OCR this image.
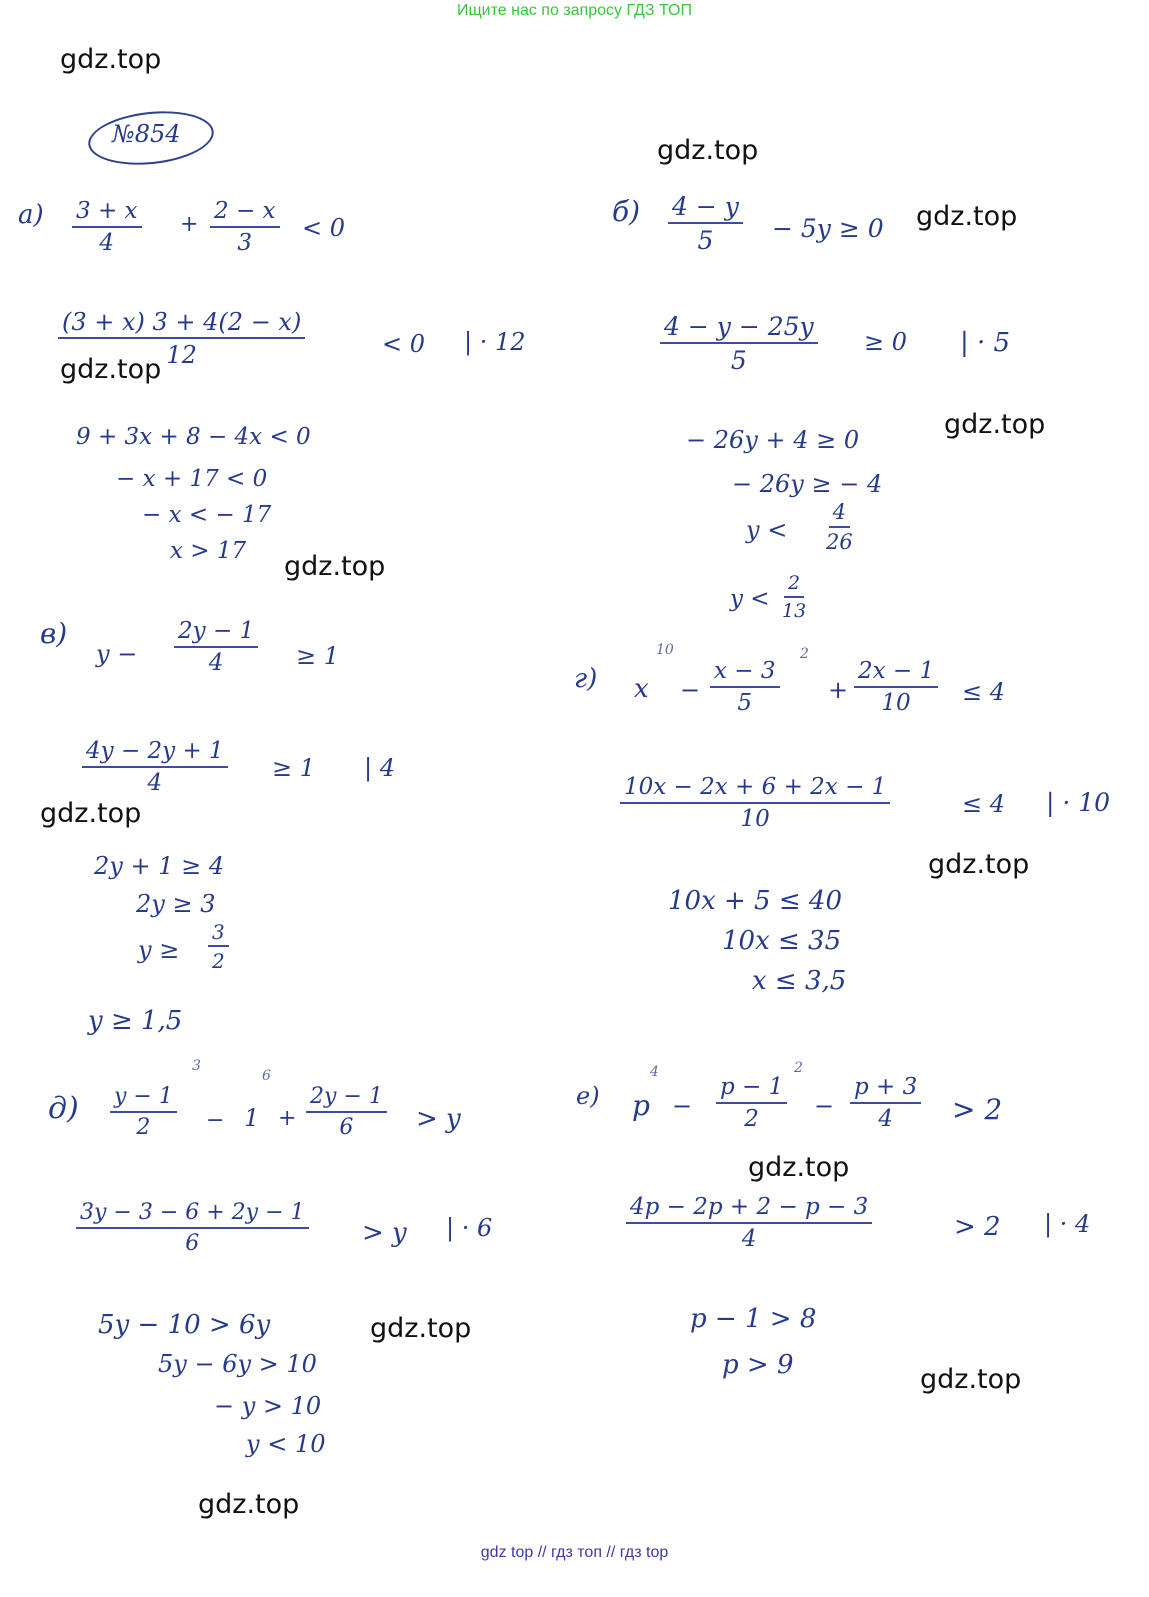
Ищите нас по запросу ГДЗ ТОП
gdz.top
gdz.top
gdz.top
gdz.top
gdz.top
gdz.top
gdz.top
gdz.top
gdz.top
gdz.top
gdz.top
gdz.top
№854
$а) \frac{3 + x}{4} + \frac{2 - x}{3} < 0$
$\frac{(3 + x) 3 + 4(2 - x)}{12}$	< 0 | · 12
9 + 3x + 8 − 4x < 0
− x + 17 < 0
− x < − 17
x > 17
$б) \frac{4 - y}{5} - 5y \ge 0$
$\frac{4 - y - 25y}{5} \ge 0$ | · 5
− 26y + 4 ≥ 0
− 26y ≥ − 4
$y < \frac{4}{26}$
$y < \frac{2}{13}$
в)
$y - \frac{2y - 1}{4} \ge 1$
$\frac{4y - 2y + 1}{4} \ge 1$ | 4
2y + 1 ≥ 4
2y ≥ 3
$y \ge \frac{3}{2}$
y ≥ 1,5
г) x
10
− $\frac{x - 3}{5}$
2
+ $\frac{2x - 1}{10} \le 4$
$\frac{10x - 2x + 6 + 2x - 1}{10}$	≤ 4 | · 10
10x + 5 ≤ 40
10x ≤ 35
x ≤ 3,5
$д) \frac{y - 1}{2}$
3
− 1
6
+ $\frac{2y - 1}{6} > y$
$\frac{3y - 3 - 6 + 2y - 1}{6} > y$ | · 6
5y − 10 > 6y
5y − 6y > 10
− y > 10
y < 10
е) p
4
− $\frac{p - 1}{2}$
2
− $\frac{p + 3}{4} > 2$
$\frac{4p - 2p + 2 - p - 3}{4}$	> 2 | · 4
p − 1 > 8
p > 9
gdz top // гдз топ // гдз top
